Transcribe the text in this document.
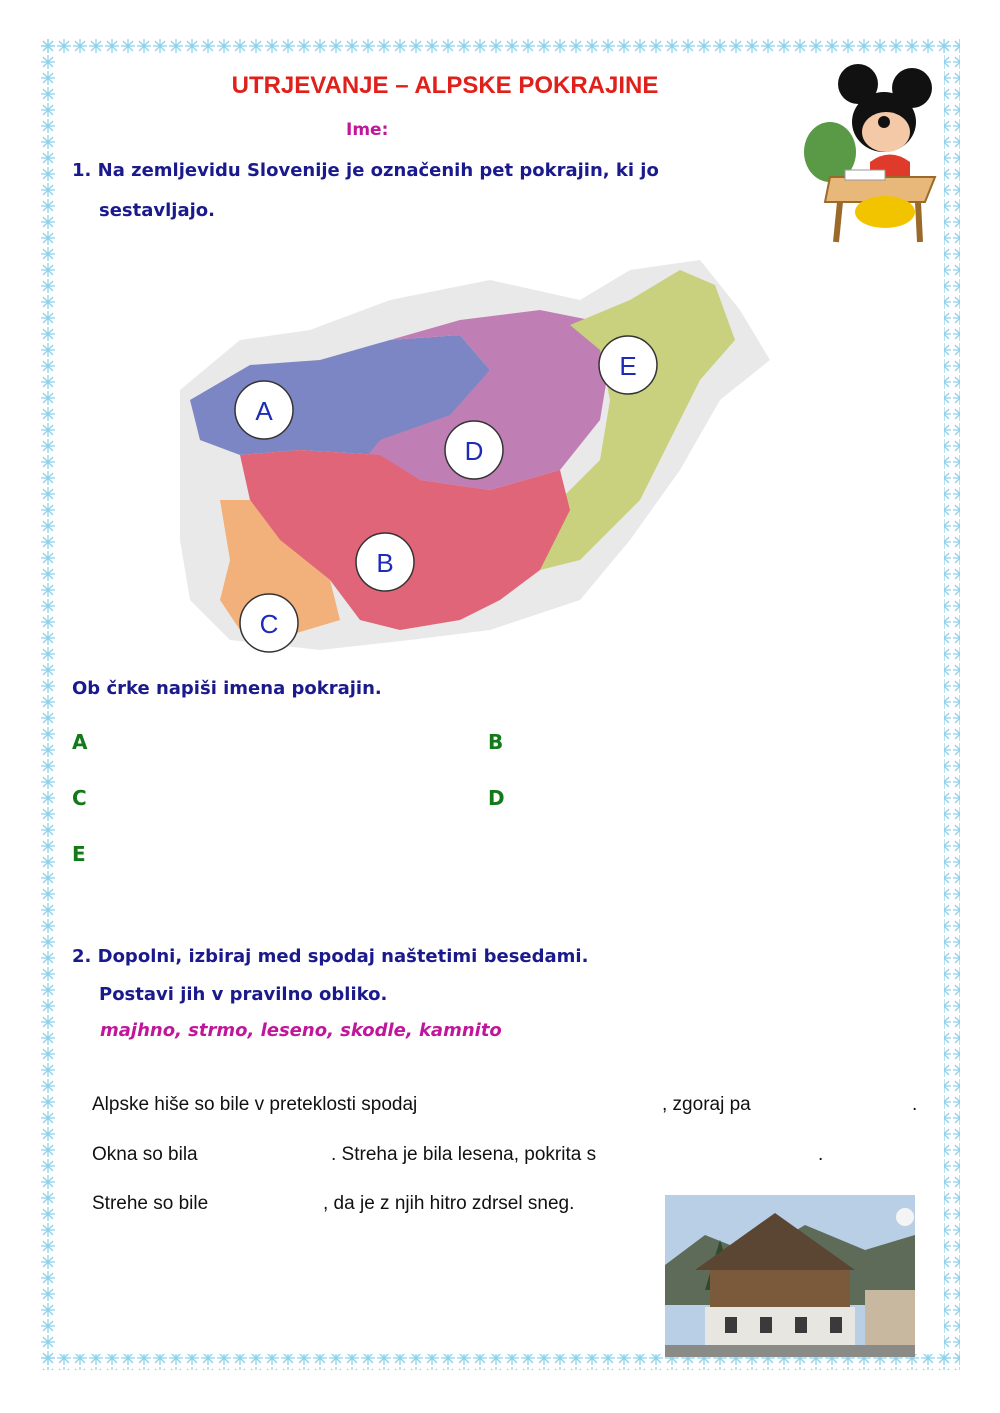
UTRJEVANJE – ALPSKE POKRAJINE
Ime:
1. Na zemljevidu Slovenije je označenih pet pokrajin, ki jo
sestavljajo.
A
B
C
D
E
Ob črke napiši imena pokrajin.
A	B
C	D
E
2. Dopolni, izbiraj med spodaj naštetimi besedami.
Postavi jih v pravilno obliko.
majhno, strmo, leseno, skodle, kamnito
Alpske hiše so bile v preteklosti spodaj	, zgoraj pa	.
Okna so bila	. Streha je bila lesena, pokrita s	.
Strehe so bile	, da je z njih hitro zdrsel sneg.
